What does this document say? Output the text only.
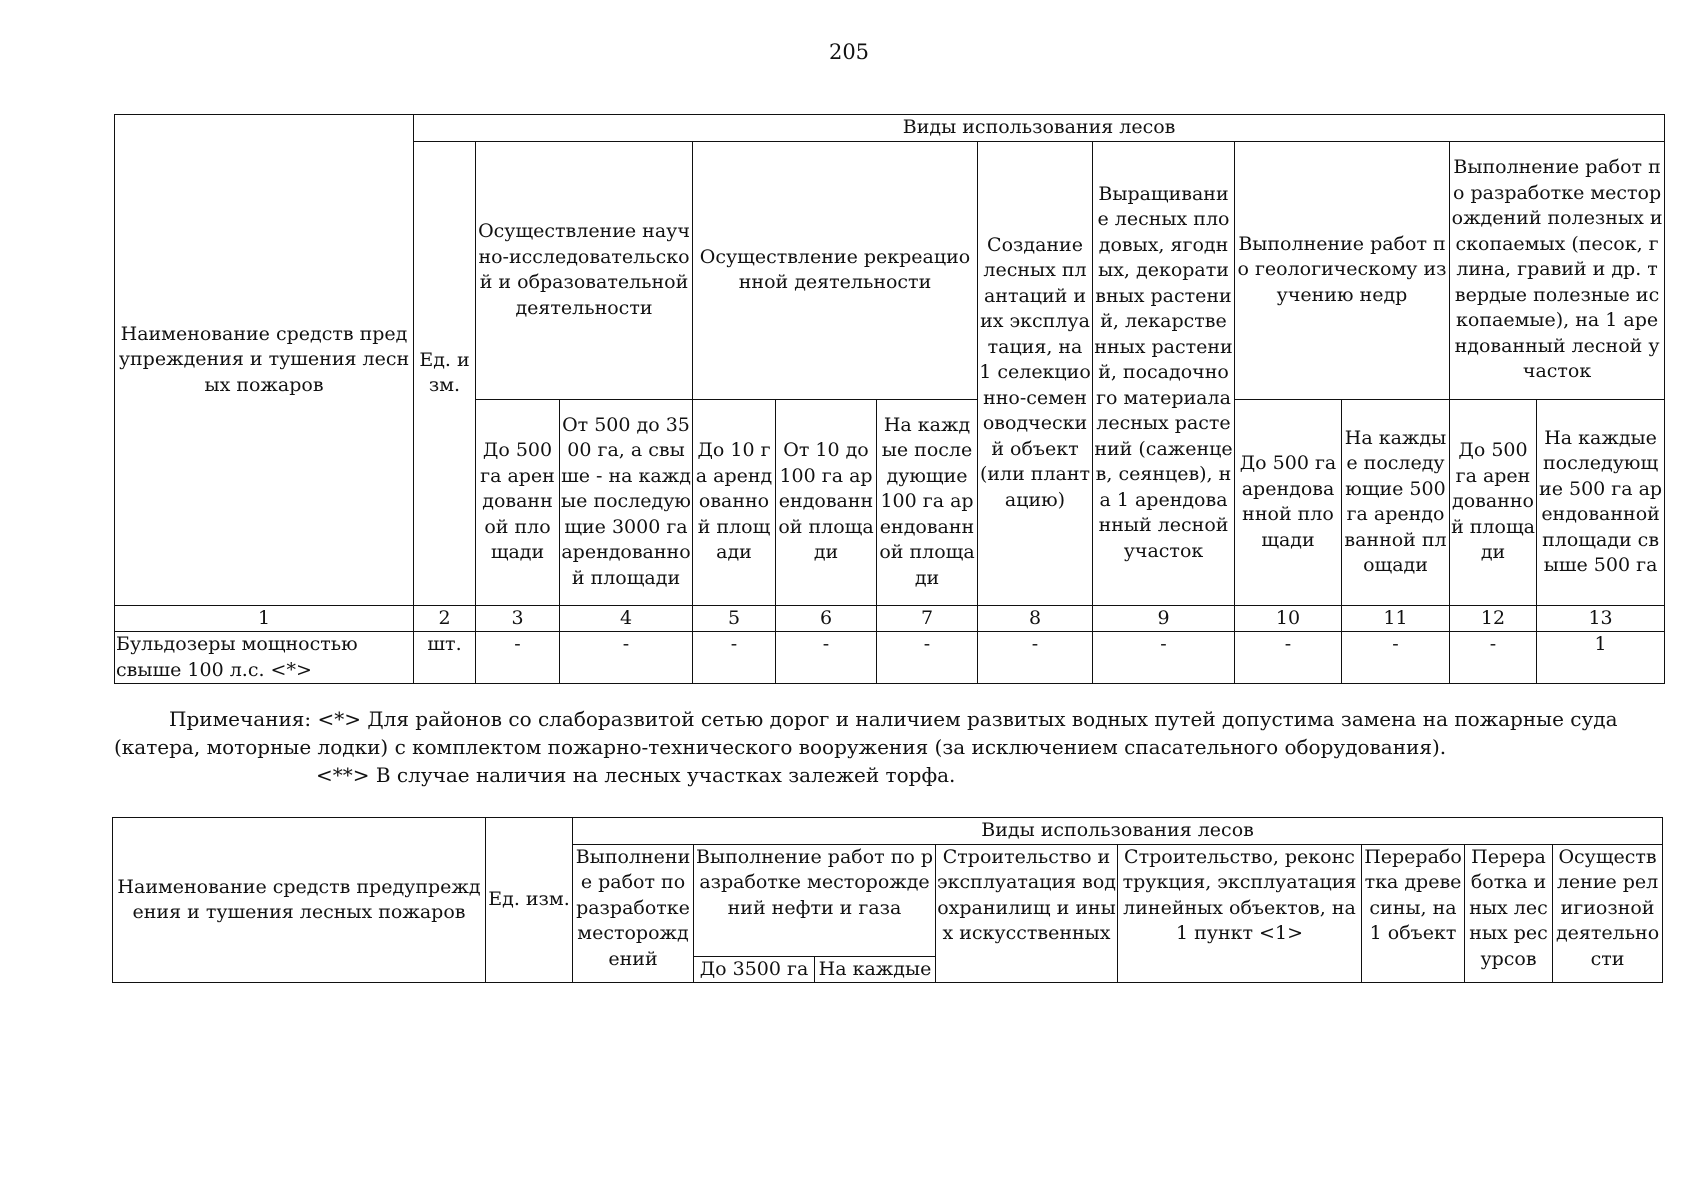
205
Наименование средств предупреждения и тушения лесных пожаров	Виды использования лесов											
	Ед. изм.	Осуществление научно-исследовательской и образовательной деятельности		Осуществление рекреационной деятельности			Создание лесных плантаций и их эксплуатация, на 1 селекционно-семеноводческий объект (или плантацию)	Выращивание лесных плодовых, ягодных, декоративных растений, лекарственных растений, посадочного материала лесных растений (саженцев, сеянцев), на 1 арендованный лесной участок	Выполнение работ по геологическому изучению недр		Выполнение работ по разработке месторождений полезных ископаемых (песок, глина, гравий и др. твердые полезные ископаемые), на 1 арендованный лесной участок	
		До 500 га арендованной площади	От 500 до 3500 га, а свыше - на каждые последующие 3000 га арендованной площади	До 10 га арендованной площади	От 10 до 100 га арендованной площади	На каждые последующие 100 га арендованной площади			До 500 га арендованной площади	На каждые последующие 500 га арендованной площади	До 500 га арендованной площади	На каждые последующие 500 га арендованной площади свыше 500 га
1	2	3	4	5	6	7	8	9	10	11	12	13
Бульдозеры мощностью свыше 100 л.с. <*>	шт.	-	-	-	-	-	-	-	-	-	-	1

Примечания: <*> Для районов со слаборазвитой сетью дорог и наличием развитых водных путей допустима замена на пожарные суда (катера, моторные лодки) с комплектом пожарно-технического вооружения (за исключением спасательного оборудования).

<**> В случае наличия на лесных участках залежей торфа.

Наименование средств предупреждения и тушения лесных пожаров	Ед. изм.	Виды использования лесов							
		Выполнение работ по разработке месторождений	Выполнение работ по разработке месторождений нефти и газа		Строительство и эксплуатация водохранилищ и иных искусственных	Строительство, реконструкция, эксплуатация линейных объектов, на 1 пункт <1>	Переработка древесины, на 1 объект	Переработка иных лесных ресурсов	Осуществление религиозной деятельности
			До 3500 га	На каждые					
